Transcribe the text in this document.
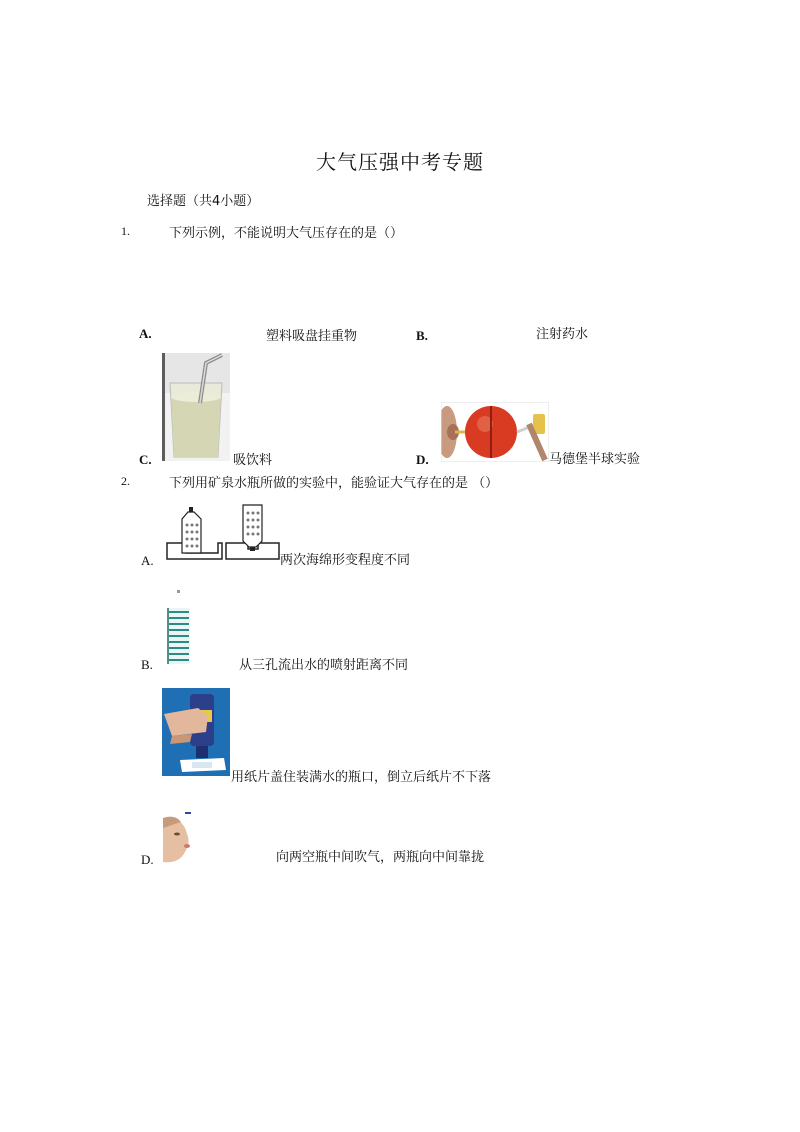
大气压强中考专题
选择题（共4小题）
1.	下列示例，不能说明大气压存在的是（）
A.	塑料吸盘挂重物	B.	注射药水
C.	吸饮料	D.	马德堡半球实验
2.	下列用矿泉水瓶所做的实验中，能验证大气存在的是 （）
A.	两次海绵形变程度不同
B.	从三孔流出水的喷射距离不同
用纸片盖住装满水的瓶口，倒立后纸片不下落
D.	向两空瓶中间吹气，两瓶向中间靠拢
